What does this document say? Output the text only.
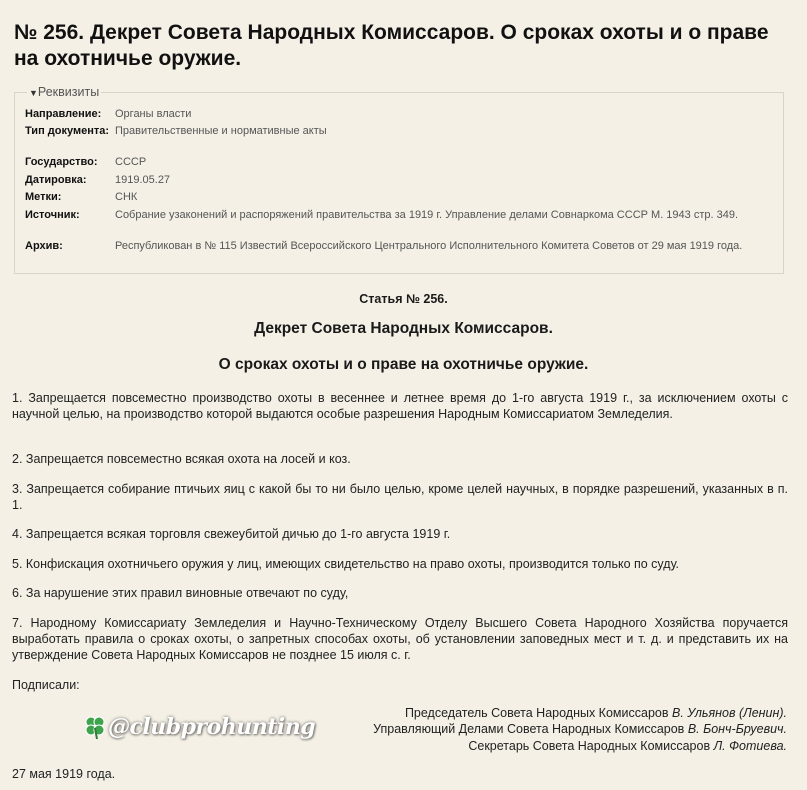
№ 256. Декрет Совета Народных Комиссаров. О сроках охоты и о праве на охотничье оружие.
▼Реквизиты
Направление:	Органы власти
Тип документа: Правительственные и нормативные акты
Государство:	СССР
Датировка:	1919.05.27
Метки:	СНК
Источник:	Собрание узаконений и распоряжений правительства за 1919 г. Управление делами Совнаркома СССР М. 1943 стр. 349.
Архив:	Республикован в № 115 Известий Всероссийского Центрального Исполнительного Комитета Советов от 29 мая 1919 года.
Статья № 256.
Декрет Совета Народных Комиссаров.
О сроках охоты и о праве на охотничье оружие.
1. Запрещается повсеместно производство охоты в весеннее и летнее время до 1-го августа 1919 г., за исключением охоты с научной целью, на производство которой выдаются особые разрешения Народным Комиссариатом Земледелия.
2. Запрещается повсеместно всякая охота на лосей и коз.
3. Запрещается собирание птичьих яиц с какой бы то ни было целью, кроме целей научных, в порядке разрешений, указанных в п. 1.
4. Запрещается всякая торговля свежеубитой дичью до 1-го августа 1919 г.
5. Конфискация охотничьего оружия у лиц, имеющих свидетельство на право охоты, производится только по суду.
6. За нарушение этих правил виновные отвечают по суду,
7. Народному Комиссариату Земледелия и Научно-Техническому Отделу Высшего Совета Народного Хозяйства поручается выработать правила о сроках охоты, о запретных способах охоты, об установлении заповедных мест и т. д. и представить их на утверждение Совета Народных Комиссаров не позднее 15 июля с. г.
Подписали:
Председатель Совета Народных Комиссаров В. Ульянов (Ленин).
Управляющий Делами Совета Народных Комиссаров В. Бонч-Бруевич.
Секретарь Совета Народных Комиссаров Л. Фотиева.
27 мая 1919 года.
@clubprohunting
